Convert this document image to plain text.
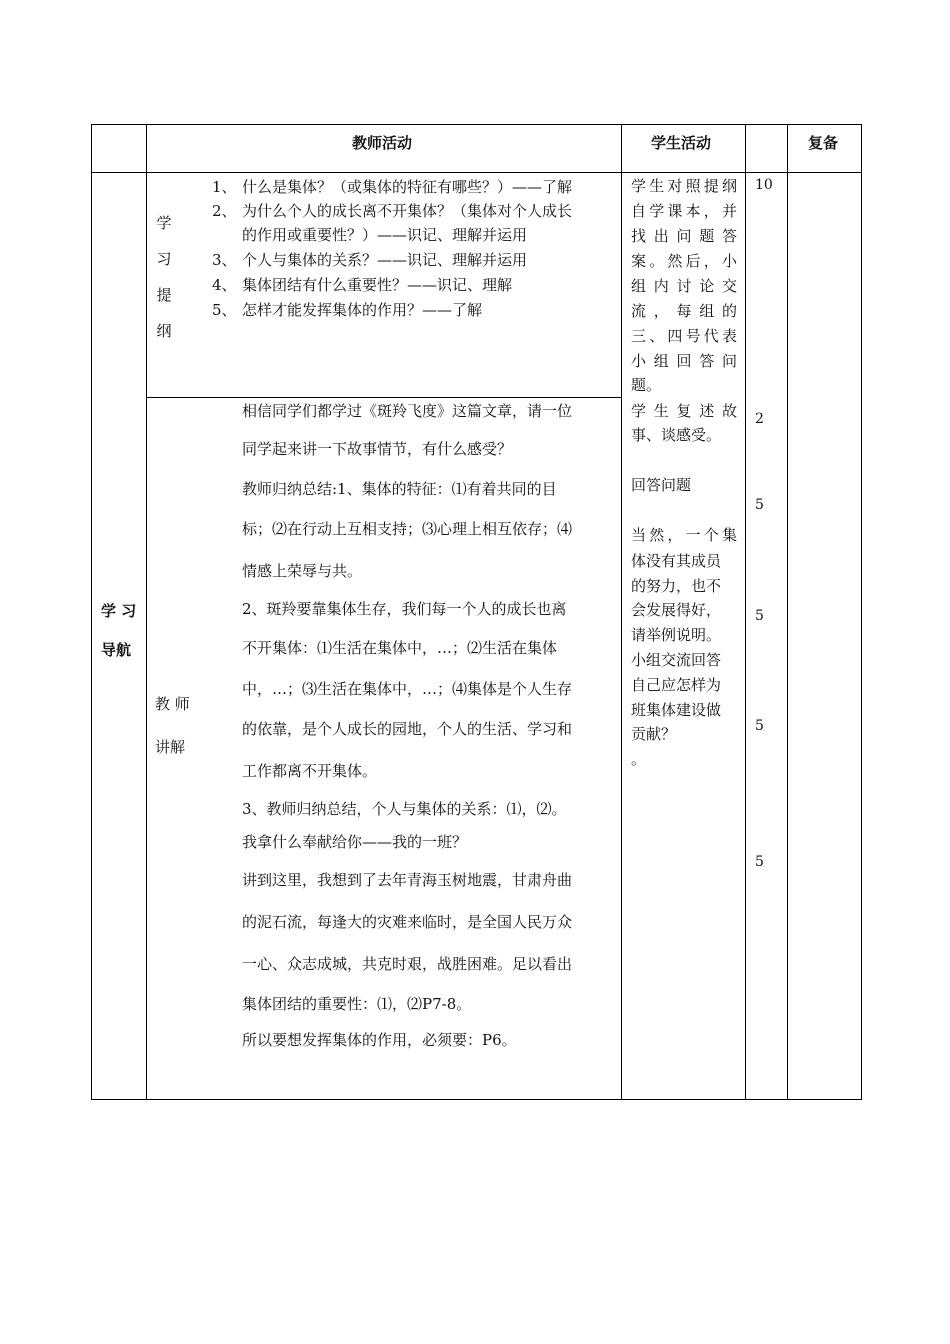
教师活动	学生活动	复备
学 习
导航
学
习
提
纲
1、 什么是集体？（或集体的特征有哪些？）——了解
2、 为什么个人的成长离不开集体？（集体对个人成长
的作用或重要性？）——识记、理解并运用
3、 个人与集体的关系？——识记、理解并运用
4、 集体团结有什么重要性？——识记、理解
5、 怎样才能发挥集体的作用？——了解
学生对照提纲
自学课本，并
找出问题答
案。然后，小
组内讨论交
流，每组的
三、四号代表
小组回答问
题。
10
教 师
讲解
相信同学们都学过《斑羚飞度》这篇文章，请一位
同学起来讲一下故事情节，有什么感受？
教师归纳总结:1、集体的特征：⑴有着共同的目
标；⑵在行动上互相支持；⑶心理上相互依存；⑷
情感上荣辱与共。
2、斑羚要靠集体生存，我们每一个人的成长也离
不开集体：⑴生活在集体中，…；⑵生活在集体
中，…；⑶生活在集体中，…；⑷集体是个人生存
的依靠，是个人成长的园地，个人的生活、学习和
工作都离不开集体。
3、教师归纳总结，个人与集体的关系：⑴，⑵。
我拿什么奉献给你——我的一班？
讲到这里，我想到了去年青海玉树地震，甘肃舟曲
的泥石流，每逢大的灾难来临时，是全国人民万众
一心、众志成城，共克时艰，战胜困难。足以看出
集体团结的重要性：⑴，⑵P7-8。
所以要想发挥集体的作用，必须要：P6。
学生复述故
事、谈感受。
回答问题
当然，一个集
体没有其成员
的努力，也不
会发展得好，
请举例说明。
小组交流回答
自己应怎样为
班集体建设做
贡献？
。
2
5
5
5
5
